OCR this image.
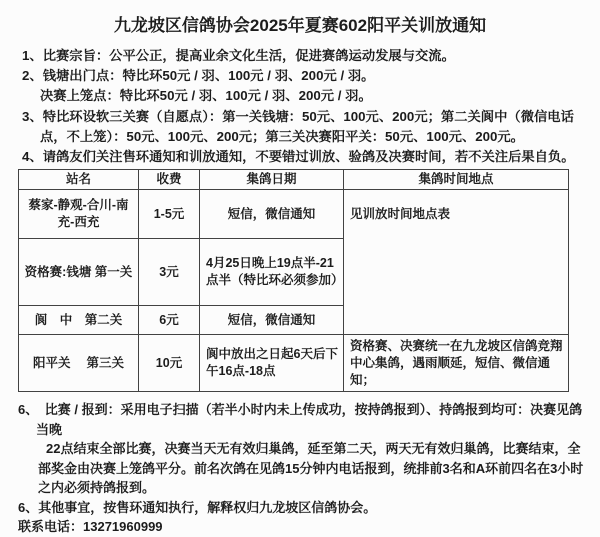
九龙坡区信鸽协会2025年夏赛602阳平关训放通知

1、比赛宗旨：公平公正，提高业余文化生活，促进赛鸽运动发展与交流。

2、钱塘出门点：特比环50元 / 羽、100元 / 羽、200元 / 羽。

决赛上笼点：特比环50元 / 羽、100元 / 羽、200元 / 羽。

3、特比环设软三关赛（自愿点）：第一关钱塘：50元、100元、200元；第二关阆中（微信电话点，不上笼）：50元、100元、200元；第三关决赛阳平关：50元、100元、200元。

4、请鸽友们关注售环通知和训放通知，不要错过训放、验鸽及决赛时间，若不关注后果自负。

站名	收费	集鸽日期	集鸽时间地点
蔡家-静观-合川-南充-西充	1-5元	短信，微信通知	见训放时间地点表
资格赛:钱塘 第一关	3元	4月25日晚上19点半-21点半（特比环必须参加）	
阆　中　第二关	6元	短信，微信通知	
阳平关 　第三关	10元	阆中放出之日起6天后下午16点-18点	资格赛、决赛统一在九龙坡区信鸽竞翔中心集鸽，遇雨顺延，短信、微信通知；

6、　比赛 / 报到：采用电子扫描（若半小时内未上传成功，按持鸽报到）、持鸽报到均可：决赛见鸽当晚

22点结束全部比赛，决赛当天无有效归巢鸽，延至第二天，两天无有效归巢鸽，比赛结束，全部奖金由决赛上笼鸽平分。前名次鸽在见鸽15分钟内电话报到，统排前3名和A环前四名在3小时之内必须持鸽报到。

6、其他事宜，按售环通知执行，解释权归九龙坡区信鸽协会。

联系电话：13271960999
